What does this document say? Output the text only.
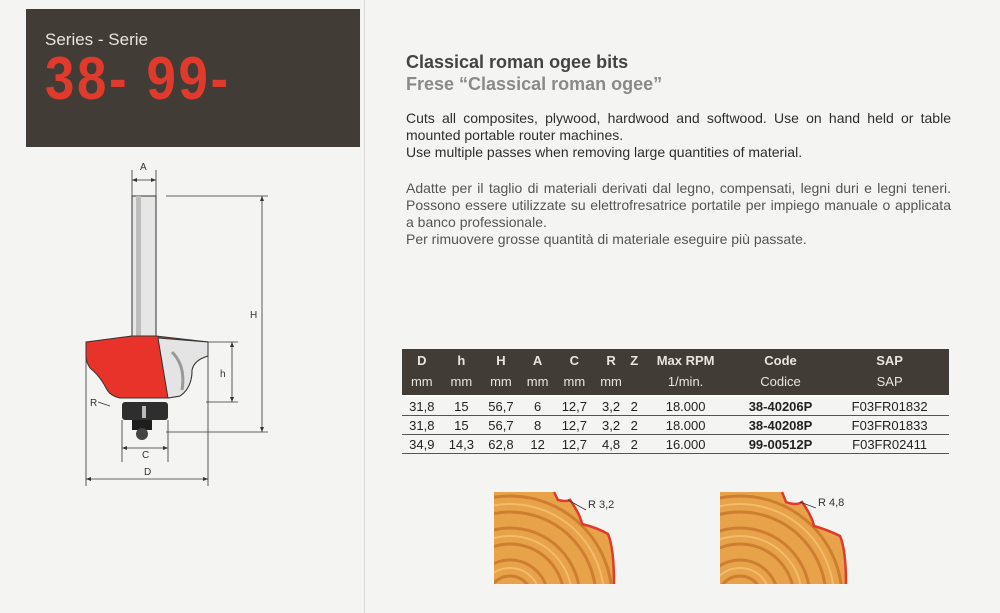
Series - Serie
38- 99-
A
H
h
R
C
D
Classical roman ogee bits
Frese “Classical roman ogee”

Cuts all composites, plywood, hardwood and softwood. Use on hand held or table mounted portable router machines.

Use multiple passes when removing large quantities of material.

Adatte per il taglio di materiali derivati dal legno, compensati, legni duri e legni teneri. Possono essere utilizzate su elettrofresatrice portatile per impiego manuale o applicata a banco professionale.

Per rimuovere grosse quantità di materiale eseguire più passate.

D	h	H	A	C	R	Z	Max RPM	Code	SAP
mm	mm	mm	mm	mm	mm		1/min.	Codice	SAP
31,8	15	56,7	6	12,7	3,2	2	18.000	38-40206P	F03FR01832
31,8	15	56,7	8	12,7	3,2	2	18.000	38-40208P	F03FR01833
34,9	14,3	62,8	12	12,7	4,8	2	16.000	99-00512P	F03FR02411
R 3,2	R 4,8
